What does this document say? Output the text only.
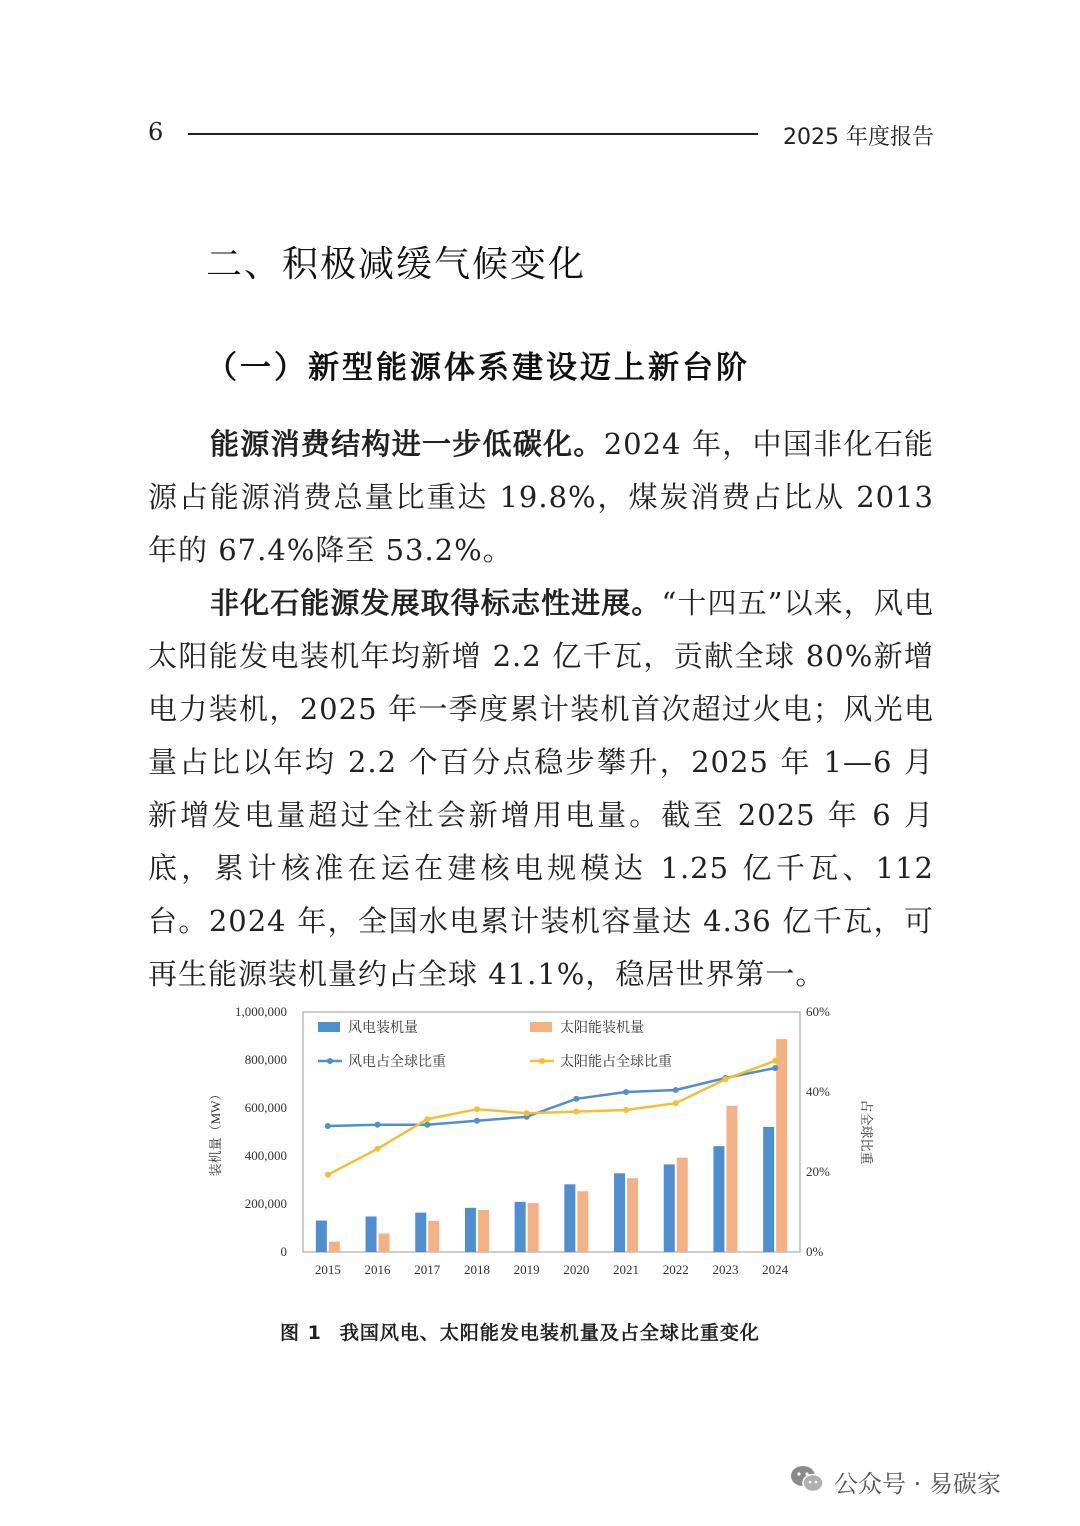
6	2025 年度报告
二、积极减缓气候变化
（一）新型能源体系建设迈上新台阶

能源消费结构进一步低碳化。2024 年，中国非化石能源占能源消费总量比重达 19.8%，煤炭消费占比从 2013 年的 67.4%降至 53.2%。

非化石能源发展取得标志性进展。“十四五”以来，风电太阳能发电装机年均新增 2.2 亿千瓦，贡献全球 80%新增电力装机，2025 年一季度累计装机首次超过火电；风光电量占比以年均 2.2 个百分点稳步攀升，2025 年 1—6 月新增发电量超过全社会新增用电量。截至 2025 年 6 月底，累计核准在运在建核电规模达 1.25 亿千瓦、112 台。2024 年，全国水电累计装机容量达 4.36 亿千瓦，可再生能源装机量约占全球 41.1%，稳居世界第一。

0
200,000
400,000
600,000
800,000
1,000,000
0%
20%
40%
60%
装机量（MW）	占全球比重
2015 2016 2017 2018 2019 2020 2021 2022 2023 2024
风电装机量	太阳能装机量
风电占全球比重	太阳能占全球比重
图 1 我国风电、太阳能发电装机量及占全球比重变化
公众号 · 易碳家
